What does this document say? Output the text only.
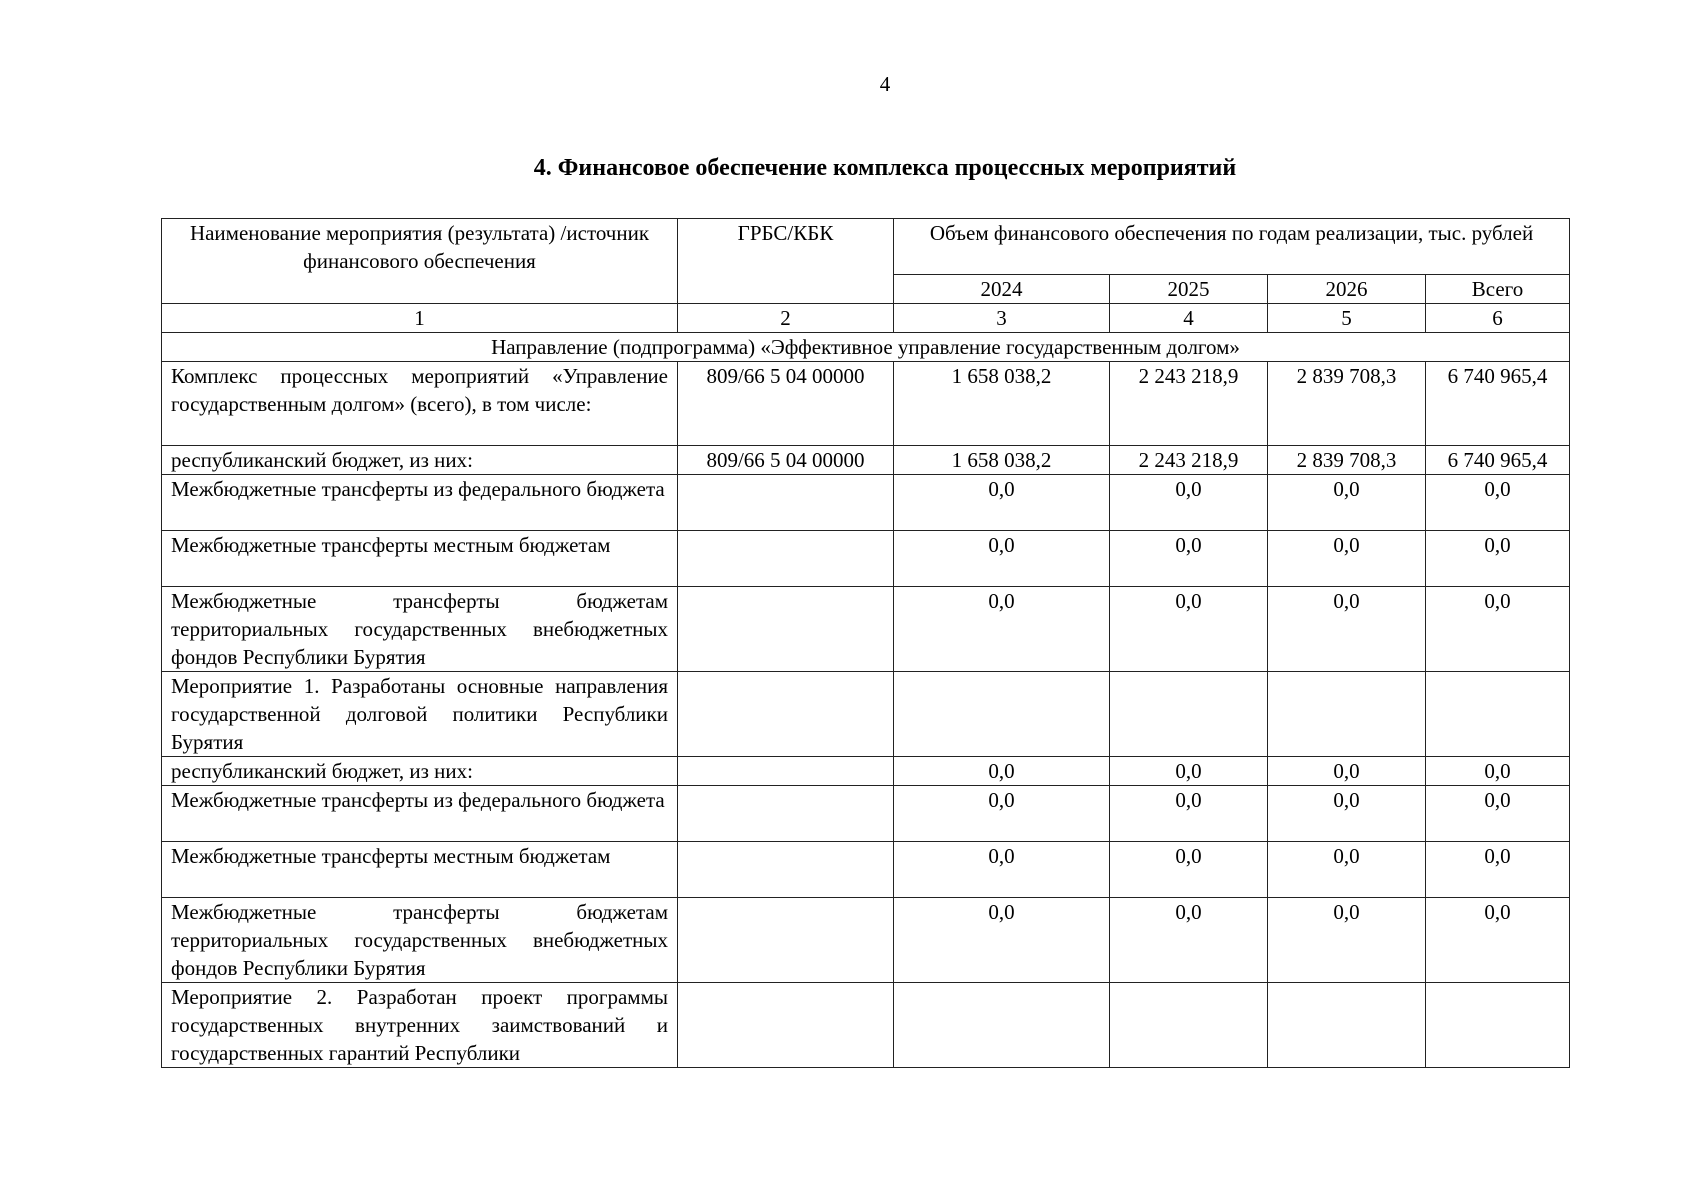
4
4. Финансовое обеспечение комплекса процессных мероприятий
Наименование мероприятия (результата) /источник финансового обеспечения	ГРБС/КБК	Объем финансового обеспечения по годам реализации, тыс. рублей			
		2024	2025	2026	Всего
1	2	3	4	5	6
Направление (подпрограмма) «Эффективное управление государственным долгом»					
Комплекс процессных мероприятий «Управление государственным долгом» (всего), в том числе:	809/66 5 04 00000	1 658 038,2	2 243 218,9	2 839 708,3	6 740 965,4
республиканский бюджет, из них:	809/66 5 04 00000	1 658 038,2	2 243 218,9	2 839 708,3	6 740 965,4
Межбюджетные трансферты из федерального бюджета		0,0	0,0	0,0	0,0
Межбюджетные трансферты местным бюджетам		0,0	0,0	0,0	0,0
Межбюджетные трансферты бюджетам территориальных государственных внебюджетных фондов Республики Бурятия		0,0	0,0	0,0	0,0
Мероприятие 1. Разработаны основные направления государственной долговой политики Республики Бурятия					
республиканский бюджет, из них:		0,0	0,0	0,0	0,0
Межбюджетные трансферты из федерального бюджета		0,0	0,0	0,0	0,0
Межбюджетные трансферты местным бюджетам		0,0	0,0	0,0	0,0
Межбюджетные трансферты бюджетам территориальных государственных внебюджетных фондов Республики Бурятия		0,0	0,0	0,0	0,0
Мероприятие 2. Разработан проект программы государственных внутренних заимствований и государственных гарантий Республики					
